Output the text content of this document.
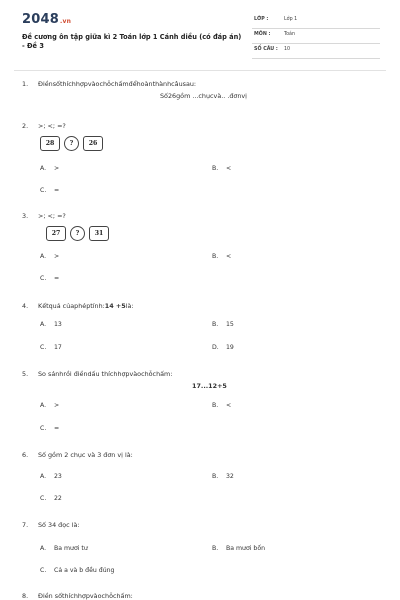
2048.vn
Đề cương ôn tập giữa kì 2 Toán lớp 1 Cánh diều (có đáp án) - Đề 3
LỚP :	Lớp 1
MÔN :	Toán
SỐ CÂU : 10
1. Điềnsốthíchhợpvàochỗchấmđểhoànthànhcâusau:
Số26gồm ...chụcvà.. .đơnvị
2. >; <; =?
28	?	26
A. >	B. <
C. =
3. >; <; =?
27	?	31
A. >	B. <
C. =
4. Kếtquả củaphéptính:14 +5là:
A. 13	B. 15
C. 17	D. 19
5. So sánhrồi điềndấu thíchhợpvàochỗchấm:
17...12+5
A. >	B. <
C. =
6. Số gồm 2 chục và 3 đơn vị là:
A. 23	B. 32
C. 22
7. Số 34 đọc là:
A. Ba mươi tư	B. Ba mươi bốn
C. Cả a và b đều đúng
8. Điền sốthíchhợpvàochỗchấm:
